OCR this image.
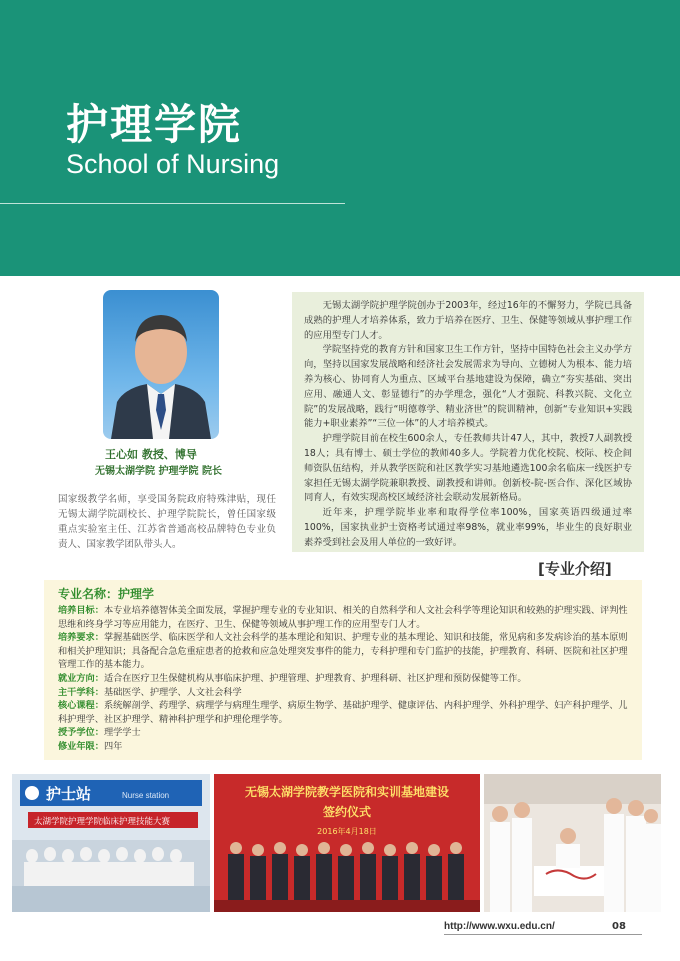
护理学院
School of Nursing
王心如 教授、博导
无锡太湖学院 护理学院 院长
国家级教学名师，享受国务院政府特殊津贴，现任无锡太湖学院副校长、护理学院院长，曾任国家级重点实验室主任、江苏省普通高校品牌特色专业负责人、国家教学团队带头人。

无锡太湖学院护理学院创办于2003年，经过16年的不懈努力，学院已具备成熟的护理人才培养体系，致力于培养在医疗、卫生、保健等领域从事护理工作的应用型专门人才。

学院坚持党的教育方针和国家卫生工作方针，坚持中国特色社会主义办学方向，坚持以国家发展战略和经济社会发展需求为导向、立德树人为根本、能力培养为核心、协同育人为重点、区域平台基地建设为保障，确立“夯实基础、突出应用、融通人文、彰显德行”的办学理念，强化“人才强院、科教兴院、文化立院”的发展战略，践行“明德尊学、精业济世”的院训精神，创新“专业知识+实践能力+职业素养”“三位一体”的人才培养模式。

护理学院目前在校生600余人，专任教师共计47人，其中，教授7人副教授18人；具有博士、硕士学位的教师40多人。学院着力优化校院、校际、校企间师资队伍结构，并从教学医院和社区教学实习基地遴选100余名临床一线医护专家担任无锡太湖学院兼职教授、副教授和讲师。创新校-院-医合作、深化区域协同育人，有效实现高校区域经济社会联动发展新格局。

近年来，护理学院毕业率和取得学位率100%，国家英语四级通过率100%，国家执业护士资格考试通过率98%，就业率99%，毕业生的良好职业素养受到社会及用人单位的一致好评。

[专业介绍]
专业名称：护理学

培养目标：本专业培养德智体美全面发展，掌握护理专业的专业知识、相关的自然科学和人文社会科学等理论知识和较熟的护理实践、评判性思维和终身学习等应用能力，在医疗、卫生、保健等领域从事护理工作的应用型专门人才。

培养要求：掌握基础医学、临床医学和人文社会科学的基本理论和知识、护理专业的基本理论、知识和技能，常见病和多发病诊治的基本原则和相关护理知识；具备配合急危重症患者的抢救和应急处理突发事件的能力，专科护理和专门监护的技能，护理教育、科研、医院和社区护理管理工作的基本能力。

就业方向：适合在医疗卫生保健机构从事临床护理、护理管理、护理教育、护理科研、社区护理和预防保健等工作。

主干学科：基础医学、护理学、人文社会科学

核心课程：系统解剖学、药理学、病理学与病理生理学、病原生物学、基础护理学、健康评估、内科护理学、外科护理学、妇产科护理学、儿科护理学、社区护理学、精神科护理学和护理伦理学等。

授予学位：理学学士

修业年限：四年

护士站	Nurse station
太湖学院护理学院临床护理技能大赛
无锡太湖学院教学医院和实训基地建设
签约仪式
2016年4月18日
http://www.wxu.edu.cn/	08
